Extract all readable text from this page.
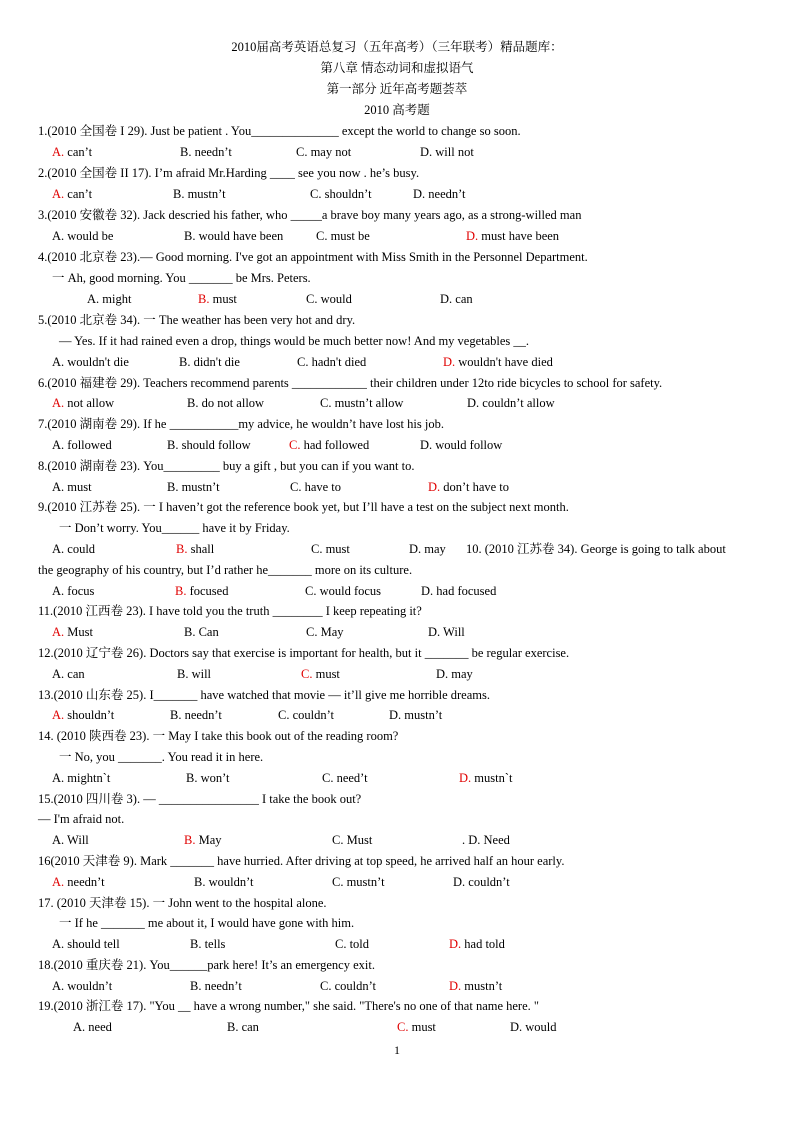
2010届高考英语总复习（五年高考）（三年联考）精品题库：
第八章 情态动词和虚拟语气
第一部分 近年高考题荟萃
2010 高考题
1.(2010 全国卷 I 29). Just be patient . You______________ except the world to change so soon.
A. can’t	B. needn’t	C. may not	D. will not
2.(2010 全国卷 II 17). I’m afraid Mr.Harding ____ see you now . he’s busy.
A. can’t	B. mustn’t	C. shouldn’t	D. needn’t
3.(2010 安徽卷 32). Jack descried his father, who _____a brave boy many years ago, as a strong-willed man
A. would be	B. would have been	C. must be	D. must have been
4.(2010 北京卷 23).— Good morning. I've got an appointment with Miss Smith in the Personnel Department.
一 Ah, good morning. You _______ be Mrs. Peters.
A. might	B. must	C. would	D. can
5.(2010 北京卷 34). 一 The weather has been very hot and dry.
— Yes. If it had rained even a drop, things would be much better now! And my vegetables __.
A. wouldn't die	B. didn't die	C. hadn't died	D. wouldn't have died
6.(2010 福建卷 29). Teachers recommend parents ____________ their children under 12to ride bicycles to school for safety.
A. not allow	B. do not allow	C. mustn’t allow	D. couldn’t allow
7.(2010 湖南卷 29). If he ___________my advice, he wouldn’t have lost his job.
A. followed	B. should follow	C. had followed	D. would follow
8.(2010 湖南卷 23). You_________ buy a gift , but you can if you want to.
A. must	B. mustn’t	C. have to	D. don’t have to
9.(2010 江苏卷 25). 一 I haven’t got the reference book yet, but I’ll have a test on the subject next month.
一 Don’t worry. You______ have it by Friday.
A. could	B. shall	C. must	D. may 10. (2010 江苏卷 34). George is going to talk about
the geography of his country, but I’d rather he_______ more on its culture.
A. focus	B. focused	C. would focus	D. had focused
11.(2010 江西卷 23). I have told you the truth ________ I keep repeating it?
A. Must	B. Can	C. May	D. Will
12.(2010 辽宁卷 26). Doctors say that exercise is important for health, but it _______ be regular exercise.
A. can	B. will	C. must	D. may
13.(2010 山东卷 25). I_______ have watched that movie — it’ll give me horrible dreams.
A. shouldn’t	B. needn’t	C. couldn’t	D. mustn’t
14. (2010 陕西卷 23). 一 May I take this book out of the reading room?
一 No, you _______. You read it in here.
A. mightn`t	B. won’t	C. need’t	D. mustn`t
15.(2010 四川卷 3). — ________________ I take the book out?
— I'm afraid not.
A. Will	B. May	C. Must	. D. Need
16(2010 天津卷 9). Mark _______ have hurried. After driving at top speed, he arrived half an hour early.
A. needn’t	B. wouldn’t	C. mustn’t	D. couldn’t
17. (2010 天津卷 15). 一 John went to the hospital alone.
一 If he _______ me about it, I would have gone with him.
A. should tell	B. tells	C. told	D. had told
18.(2010 重庆卷 21). You______park here! It’s an emergency exit.
A. wouldn’t	B. needn’t	C. couldn’t	D. mustn’t
19.(2010 浙江卷 17). "You __ have a wrong number," she said. "There's no one of that name here. "
A. need	B. can	C. must	D. would
1
